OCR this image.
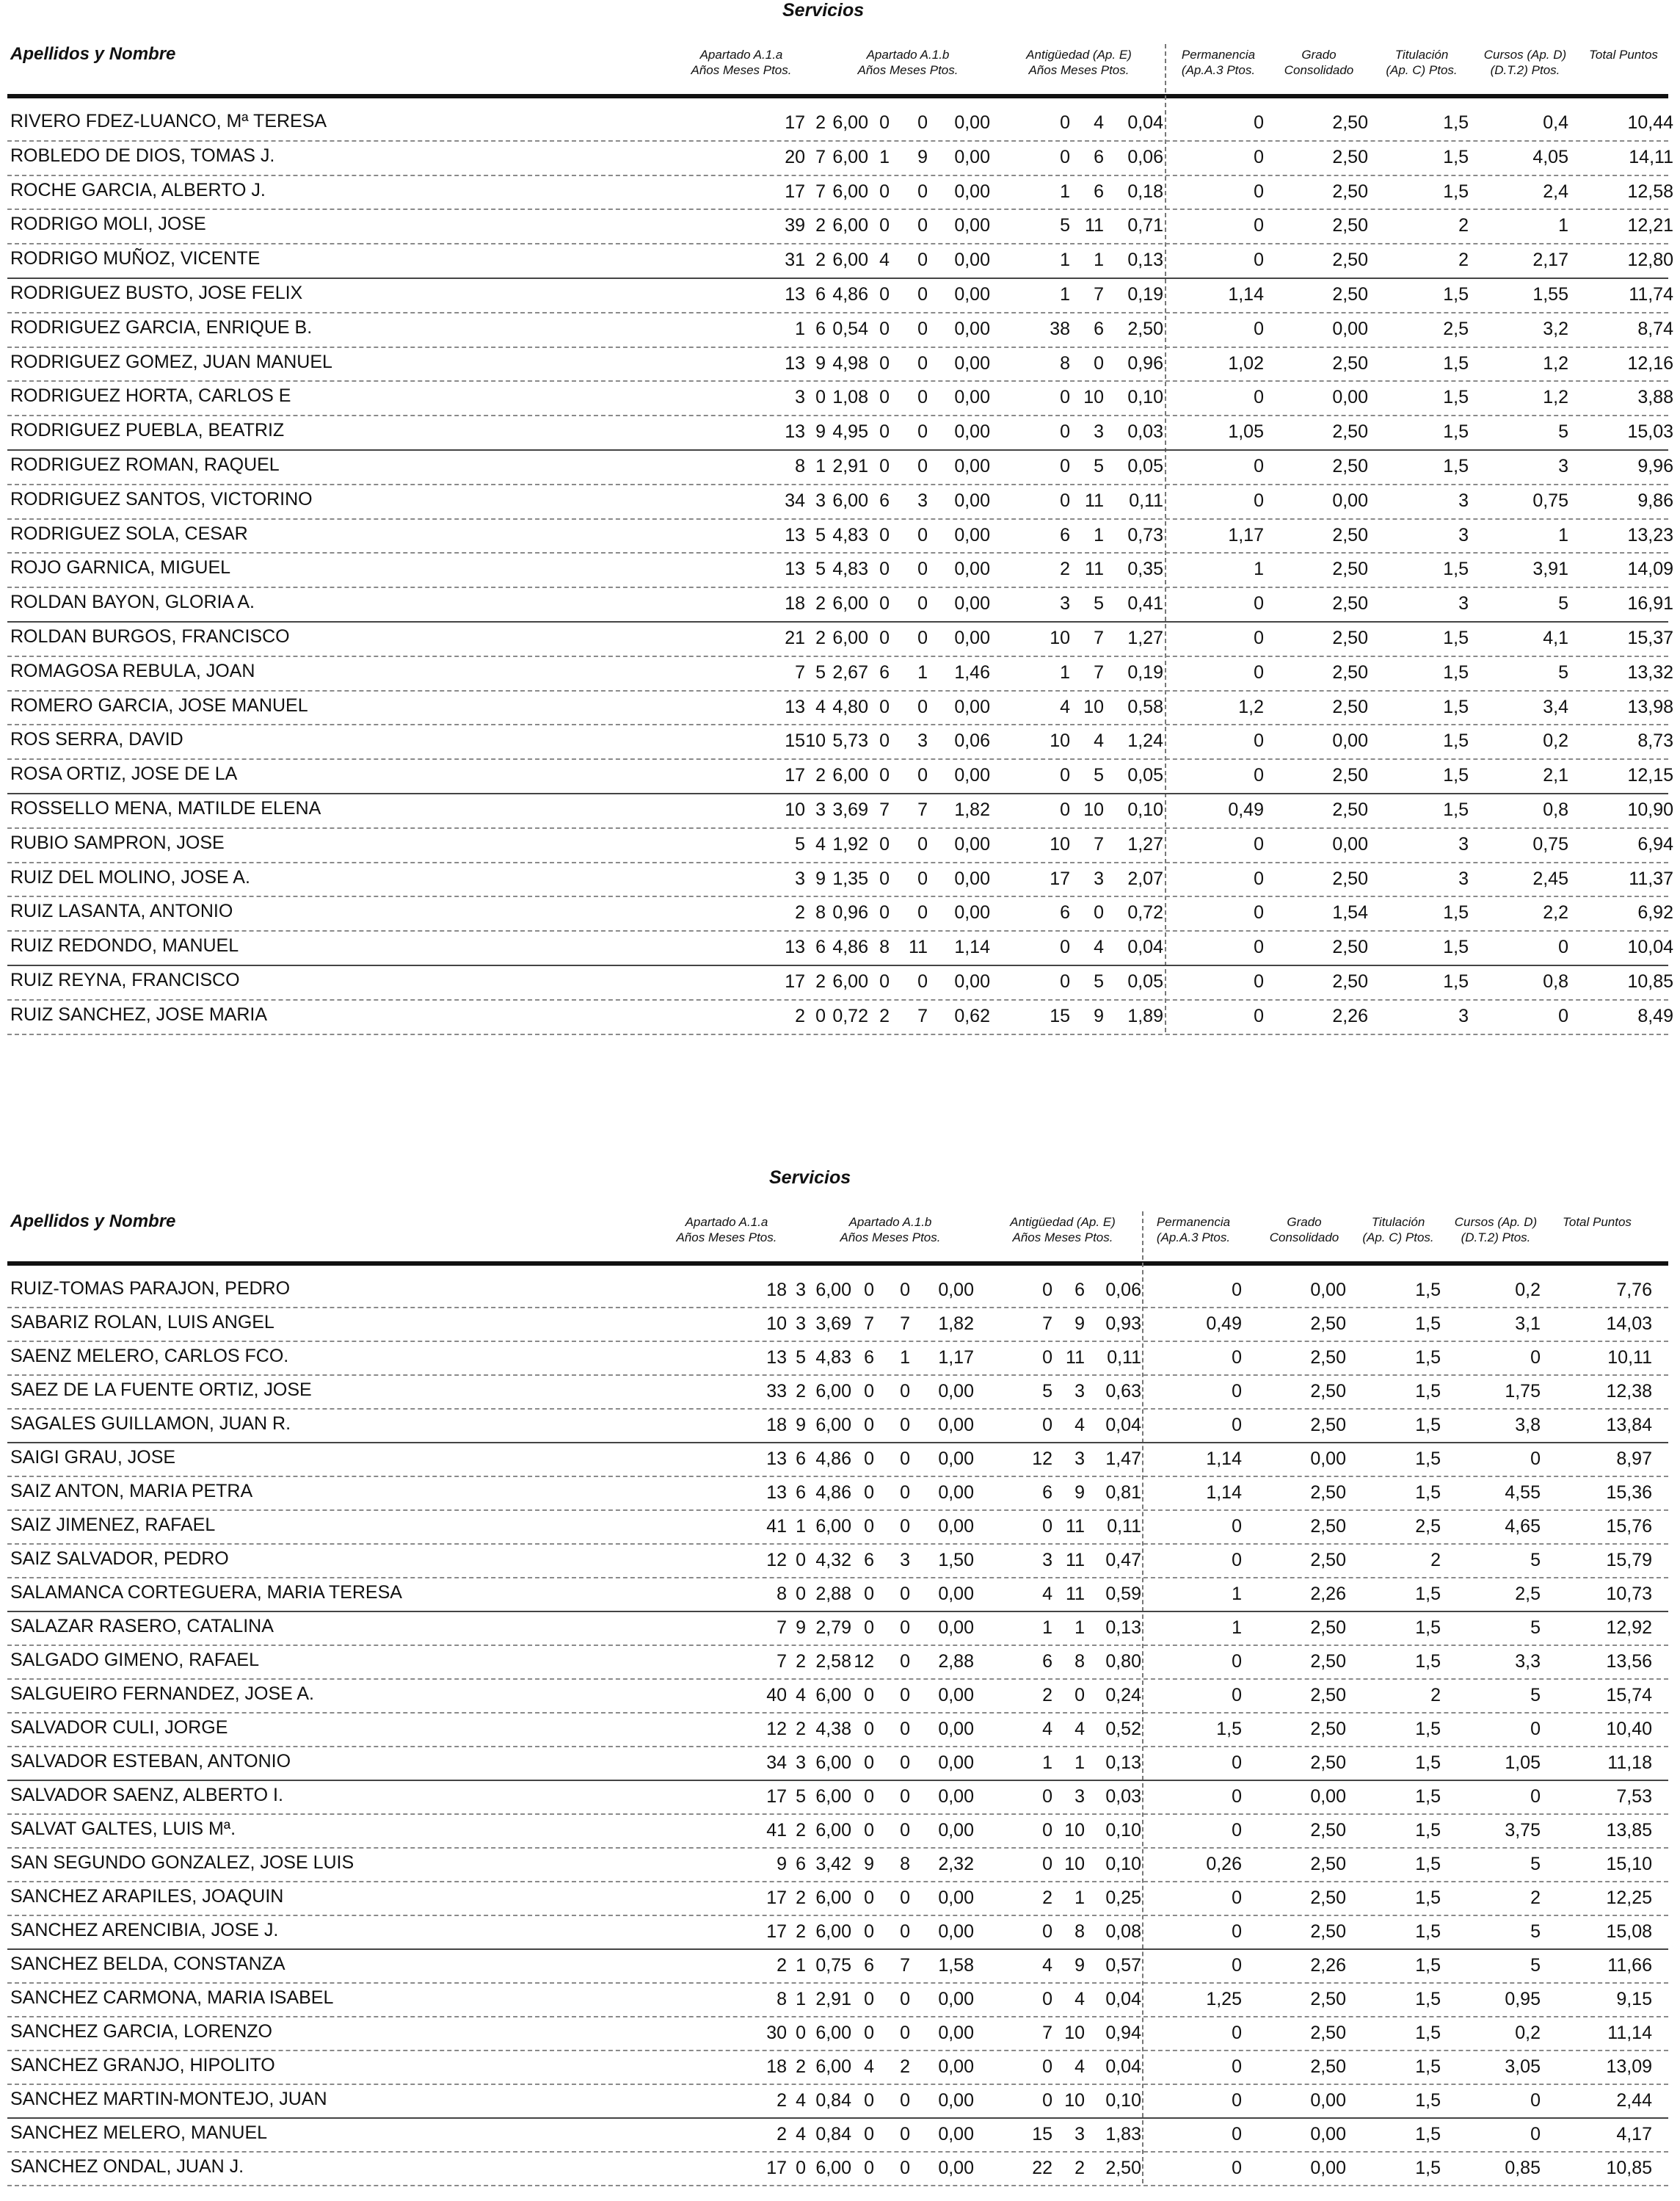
Servicios
Apellidos y Nombre	Apartado A.1.a
Años Meses Ptos.
Apartado A.1.b
Años Meses Ptos.
Antigüedad (Ap. E)
Años Meses Ptos.
Permanencia
(Ap.A.3 Ptos.
Grado
Consolidado
Titulación
(Ap. C) Ptos.
Cursos (Ap. D)
(D.T.2) Ptos.
Total Puntos
RIVERO FDEZ-LUANCO, Mª TERESA	17 2 6,00 0 0 0,00	0 4 0,04	0	2,50	1,5	0,4	10,44
ROBLEDO DE DIOS, TOMAS J.	20 7 6,00 1 9 0,00	0 6 0,06	0	2,50	1,5	4,05	14,11
ROCHE GARCIA, ALBERTO J.	17 7 6,00 0 0 0,00	1 6 0,18	0	2,50	1,5	2,4	12,58
RODRIGO MOLI, JOSE	39 2 6,00 0 0 0,00	5 11 0,71	0	2,50	2	1	12,21
RODRIGO MUÑOZ, VICENTE	31 2 6,00 4 0 0,00	1 1 0,13	0	2,50	2	2,17	12,80
RODRIGUEZ BUSTO, JOSE FELIX	13 6 4,86 0 0 0,00	1 7 0,19	1,14	2,50	1,5	1,55	11,74
RODRIGUEZ GARCIA, ENRIQUE B.	1 6 0,54 0 0 0,00	38 6 2,50	0	0,00	2,5	3,2	8,74
RODRIGUEZ GOMEZ, JUAN MANUEL	13 9 4,98 0 0 0,00	8 0 0,96	1,02	2,50	1,5	1,2	12,16
RODRIGUEZ HORTA, CARLOS E	3 0 1,08 0 0 0,00	0 10 0,10	0	0,00	1,5	1,2	3,88
RODRIGUEZ PUEBLA, BEATRIZ	13 9 4,95 0 0 0,00	0 3 0,03	1,05	2,50	1,5	5	15,03
RODRIGUEZ ROMAN, RAQUEL	8 1 2,91 0 0 0,00	0 5 0,05	0	2,50	1,5	3	9,96
RODRIGUEZ SANTOS, VICTORINO	34 3 6,00 6 3 0,00	0 11 0,11	0	0,00	3	0,75	9,86
RODRIGUEZ SOLA, CESAR	13 5 4,83 0 0 0,00	6 1 0,73	1,17	2,50	3	1	13,23
ROJO GARNICA, MIGUEL	13 5 4,83 0 0 0,00	2 11 0,35	1	2,50	1,5	3,91	14,09
ROLDAN BAYON, GLORIA A.	18 2 6,00 0 0 0,00	3 5 0,41	0	2,50	3	5	16,91
ROLDAN BURGOS, FRANCISCO	21 2 6,00 0 0 0,00	10 7 1,27	0	2,50	1,5	4,1	15,37
ROMAGOSA REBULA, JOAN	7 5 2,67 6 1 1,46	1 7 0,19	0	2,50	1,5	5	13,32
ROMERO GARCIA, JOSE MANUEL	13 4 4,80 0 0 0,00	4 10 0,58	1,2	2,50	1,5	3,4	13,98
ROS SERRA, DAVID	15 10 5,73 0 3 0,06	10 4 1,24	0	0,00	1,5	0,2	8,73
ROSA ORTIZ, JOSE DE LA	17 2 6,00 0 0 0,00	0 5 0,05	0	2,50	1,5	2,1	12,15
ROSSELLO MENA, MATILDE ELENA	10 3 3,69 7 7 1,82	0 10 0,10	0,49	2,50	1,5	0,8	10,90
RUBIO SAMPRON, JOSE	5 4 1,92 0 0 0,00	10 7 1,27	0	0,00	3	0,75	6,94
RUIZ DEL MOLINO, JOSE A.	3 9 1,35 0 0 0,00	17 3 2,07	0	2,50	3	2,45	11,37
RUIZ LASANTA, ANTONIO	2 8 0,96 0 0 0,00	6 0 0,72	0	1,54	1,5	2,2	6,92
RUIZ REDONDO, MANUEL	13 6 4,86 8 11 1,14	0 4 0,04	0	2,50	1,5	0	10,04
RUIZ REYNA, FRANCISCO	17 2 6,00 0 0 0,00	0 5 0,05	0	2,50	1,5	0,8	10,85
RUIZ SANCHEZ, JOSE MARIA	2 0 0,72 2 7 0,62	15 9 1,89	0	2,26	3	0	8,49
Servicios
Apellidos y Nombre	Apartado A.1.a
Años Meses Ptos.
Apartado A.1.b
Años Meses Ptos.
Antigüedad (Ap. E)
Años Meses Ptos.
Permanencia
(Ap.A.3 Ptos.
Grado
Consolidado
Titulación
(Ap. C) Ptos.
Cursos (Ap. D)
(D.T.2) Ptos.
Total Puntos
RUIZ-TOMAS PARAJON, PEDRO	18 3 6,00 0 0 0,00	0 6 0,06	0	0,00	1,5	0,2	7,76
SABARIZ ROLAN, LUIS ANGEL	10 3 3,69 7 7 1,82	7 9 0,93	0,49	2,50	1,5	3,1	14,03
SAENZ MELERO, CARLOS FCO.	13 5 4,83 6 1 1,17	0 11 0,11	0	2,50	1,5	0	10,11
SAEZ DE LA FUENTE ORTIZ, JOSE	33 2 6,00 0 0 0,00	5 3 0,63	0	2,50	1,5	1,75	12,38
SAGALES GUILLAMON, JUAN R.	18 9 6,00 0 0 0,00	0 4 0,04	0	2,50	1,5	3,8	13,84
SAIGI GRAU, JOSE	13 6 4,86 0 0 0,00	12 3 1,47	1,14	0,00	1,5	0	8,97
SAIZ ANTON, MARIA PETRA	13 6 4,86 0 0 0,00	6 9 0,81	1,14	2,50	1,5	4,55	15,36
SAIZ JIMENEZ, RAFAEL	41 1 6,00 0 0 0,00	0 11 0,11	0	2,50	2,5	4,65	15,76
SAIZ SALVADOR, PEDRO	12 0 4,32 6 3 1,50	3 11 0,47	0	2,50	2	5	15,79
SALAMANCA CORTEGUERA, MARIA TERESA	8 0 2,88 0 0 0,00	4 11 0,59	1	2,26	1,5	2,5	10,73
SALAZAR RASERO, CATALINA	7 9 2,79 0 0 0,00	1 1 0,13	1	2,50	1,5	5	12,92
SALGADO GIMENO, RAFAEL	7 2 2,58 12 0 2,88	6 8 0,80	0	2,50	1,5	3,3	13,56
SALGUEIRO FERNANDEZ, JOSE A.	40 4 6,00 0 0 0,00	2 0 0,24	0	2,50	2	5	15,74
SALVADOR CULI, JORGE	12 2 4,38 0 0 0,00	4 4 0,52	1,5	2,50	1,5	0	10,40
SALVADOR ESTEBAN, ANTONIO	34 3 6,00 0 0 0,00	1 1 0,13	0	2,50	1,5	1,05	11,18
SALVADOR SAENZ, ALBERTO I.	17 5 6,00 0 0 0,00	0 3 0,03	0	0,00	1,5	0	7,53
SALVAT GALTES, LUIS Mª.	41 2 6,00 0 0 0,00	0 10 0,10	0	2,50	1,5	3,75	13,85
SAN SEGUNDO GONZALEZ, JOSE LUIS	9 6 3,42 9 8 2,32	0 10 0,10	0,26	2,50	1,5	5	15,10
SANCHEZ ARAPILES, JOAQUIN	17 2 6,00 0 0 0,00	2 1 0,25	0	2,50	1,5	2	12,25
SANCHEZ ARENCIBIA, JOSE J.	17 2 6,00 0 0 0,00	0 8 0,08	0	2,50	1,5	5	15,08
SANCHEZ BELDA, CONSTANZA	2 1 0,75 6 7 1,58	4 9 0,57	0	2,26	1,5	5	11,66
SANCHEZ CARMONA, MARIA ISABEL	8 1 2,91 0 0 0,00	0 4 0,04	1,25	2,50	1,5	0,95	9,15
SANCHEZ GARCIA, LORENZO	30 0 6,00 0 0 0,00	7 10 0,94	0	2,50	1,5	0,2	11,14
SANCHEZ GRANJO, HIPOLITO	18 2 6,00 4 2 0,00	0 4 0,04	0	2,50	1,5	3,05	13,09
SANCHEZ MARTIN-MONTEJO, JUAN	2 4 0,84 0 0 0,00	0 10 0,10	0	0,00	1,5	0	2,44
SANCHEZ MELERO, MANUEL	2 4 0,84 0 0 0,00	15 3 1,83	0	0,00	1,5	0	4,17
SANCHEZ ONDAL, JUAN J.	17 0 6,00 0 0 0,00	22 2 2,50	0	0,00	1,5	0,85	10,85
